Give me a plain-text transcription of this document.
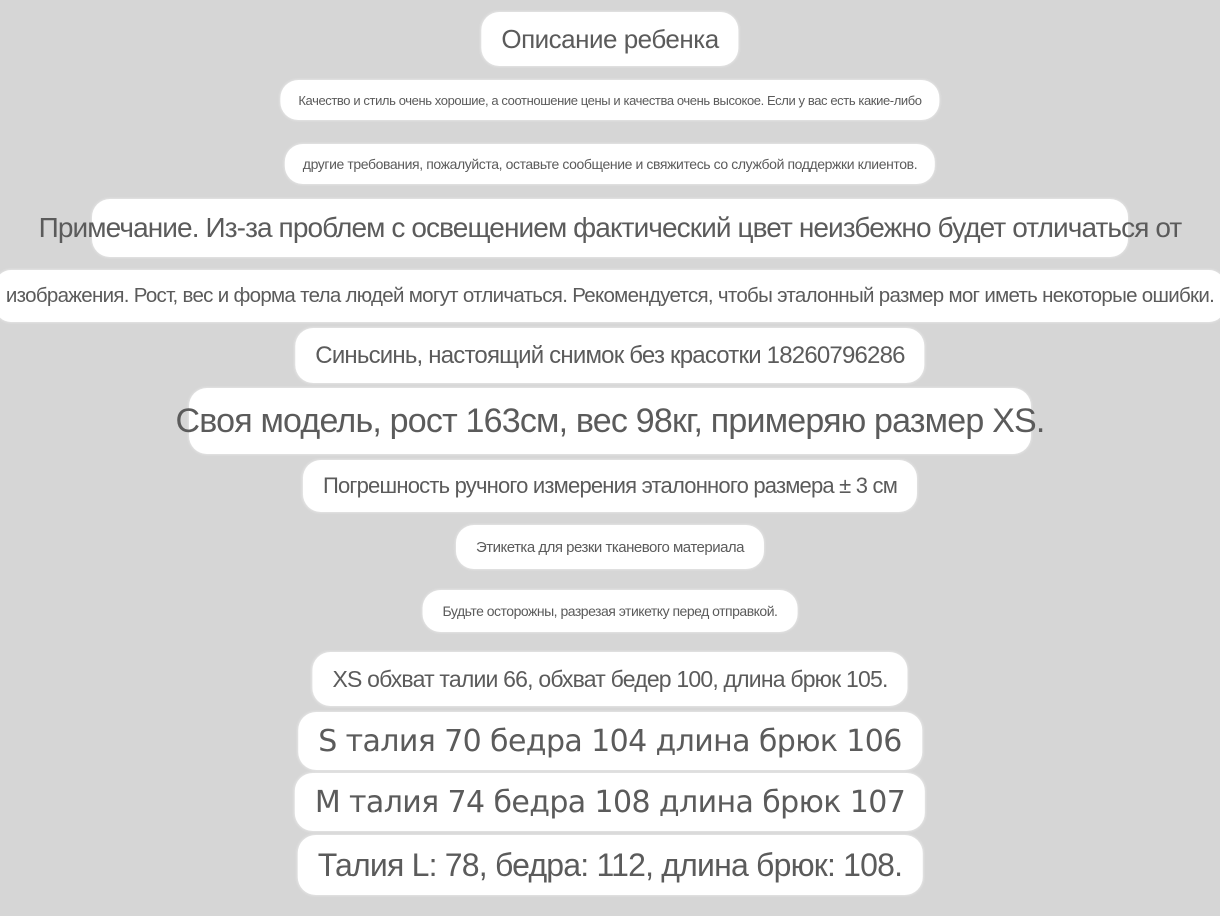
Описание ребенка
Качество и стиль очень хорошие, а соотношение цены и качества очень высокое. Если у вас есть какие-либо
другие требования, пожалуйста, оставьте сообщение и свяжитесь со службой поддержки клиентов.
Примечание. Из-за проблем с освещением фактический цвет неизбежно будет отличаться от
изображения. Рост, вес и форма тела людей могут отличаться. Рекомендуется, чтобы эталонный размер мог иметь некоторые ошибки.
Синьсинь, настоящий снимок без красотки 18260796286
Своя модель, рост 163см, вес 98кг, примеряю размер XS.
Погрешность ручного измерения эталонного размера ± 3 см
Этикетка для резки тканевого материала
Будьте осторожны, разрезая этикетку перед отправкой.
XS обхват талии 66, обхват бедер 100, длина брюк 105.
S талия 70 бедра 104 длина брюк 106
M талия 74 бедра 108 длина брюк 107
Талия L: 78, бедра: 112, длина брюк: 108.
